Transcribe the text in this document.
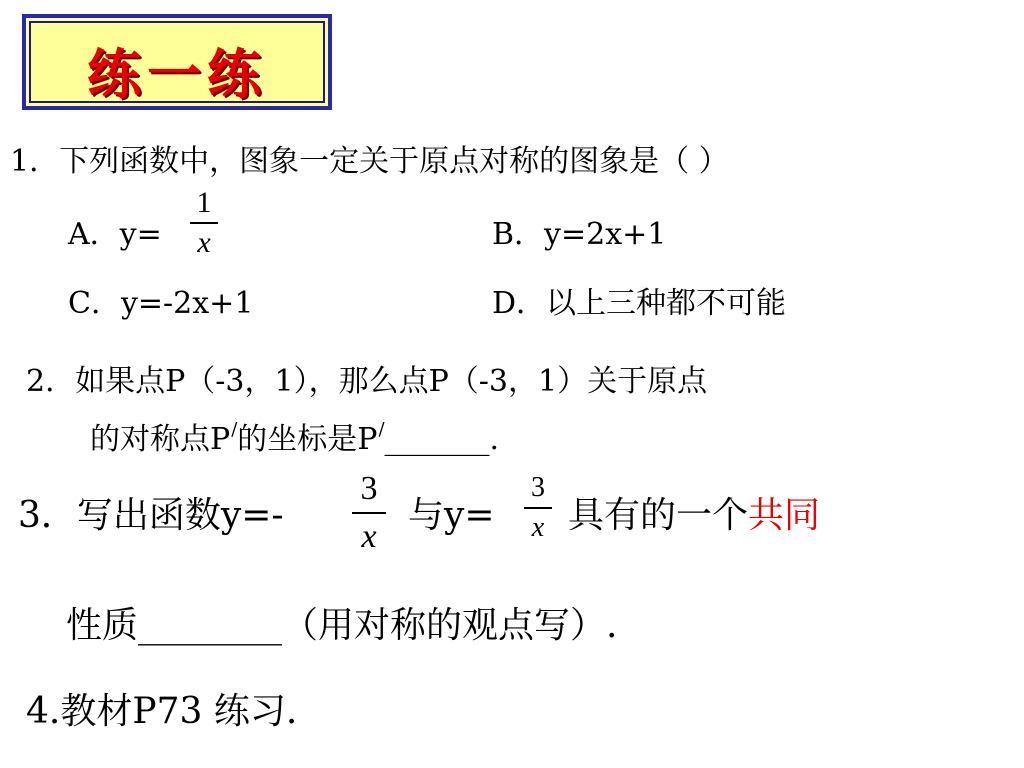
练一练
1．下列函数中，图象一定关于原点对称的图象是（ ）
A．y=
1
x	B．y=2x+1
C．y=-2x+1	D．以上三种都不可能
2．如果点P（-3，1），那么点P（-3，1）关于原点
的对称点P/的坐标是P/_______.
3．写出函数y=-
3
x
与y=
3
x 具有的一个共同
性质________（用对称的观点写）.
4.教材P73 练习.
